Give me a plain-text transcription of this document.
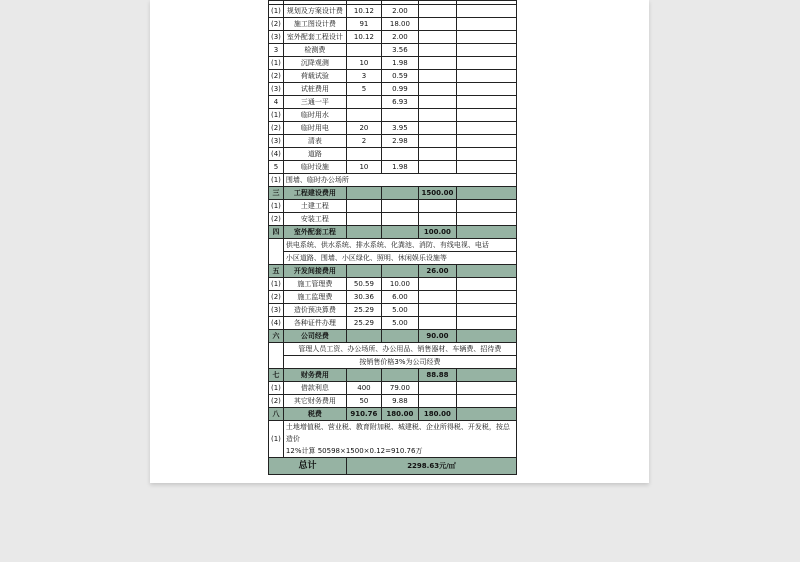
(1)	规划及方案设计费	10.12	2.00		
(2)	施工图设计费	91	18.00		
(3)	室外配套工程设计	10.12	2.00		
3	检测费		3.56		
(1)	沉降观测	10	1.98		
(2)	荷载试验	3	0.59		
(3)	试桩费用	5	0.99		
4	三通一平		6.93		
(1)	临时用水				
(2)	临时用电	20	3.95		
(3)	清表	2	2.98		
(4)	道路				
5	临时设施	10	1.98		
(1)	围墙、临时办公场所				
三	工程建设费用			1500.00	
(1)	土建工程				
(2)	安装工程				
四	室外配套工程			100.00	
	供电系统、供水系统、排水系统、化粪池、消防、有线电视、电话				
	小区道路、围墙、小区绿化、照明、休闲娱乐设施等				
五	开发间接费用			26.00	
(1)	施工管理费	50.59	10.00		
(2)	施工监理费	30.36	6.00		
(3)	造价预决算费	25.29	5.00		
(4)	各种证件办理	25.29	5.00		
六	公司经费			90.00	
	管理人员工资、办公场所、办公用品、销售器材、车辆费、招待费				
	按销售价格3%为公司经费				
七	财务费用			88.88	
(1)	借款利息	400	79.00		
(2)	其它财务费用	50	9.88		
八	税费	910.76	180.00	180.00	
(1)	土地增值税、营业税、教育附加税、城建税、企业所得税、开发税，按总造价
12%计算 50598×1500×0.12=910.76万				

总计		2298.63元/㎡			
